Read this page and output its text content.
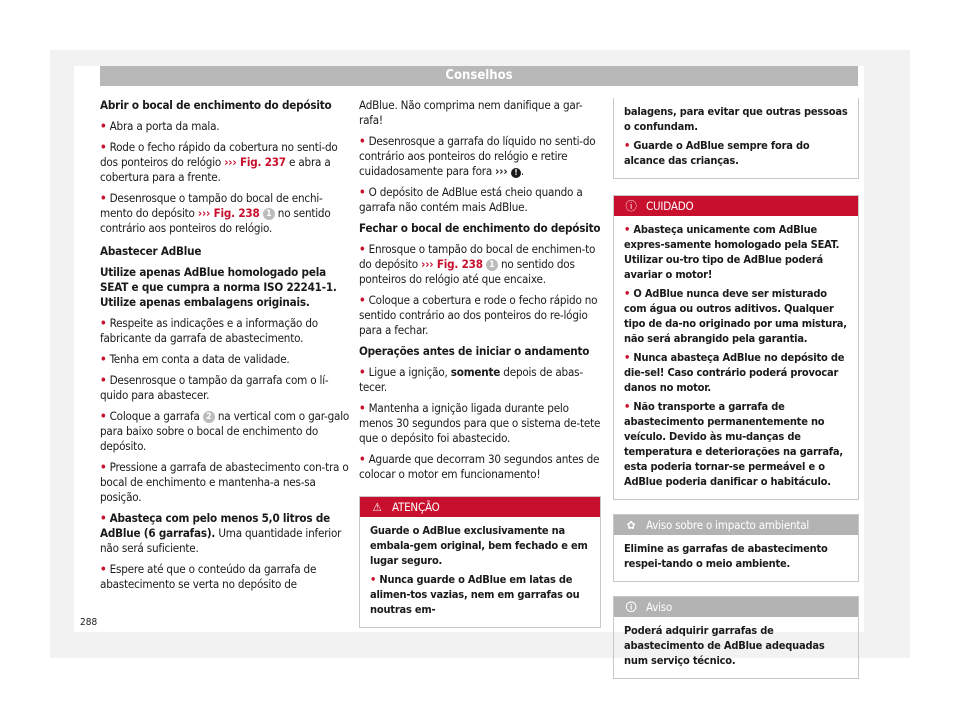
Conselhos

Abrir o bocal de enchimento do depósito

• Abra a porta da mala.

• Rode o fecho rápido da cobertura no senti-do dos ponteiros do relógio ››› Fig. 237 e abra a cobertura para a frente.

• Desenrosque o tampão do bocal de enchi-mento do depósito ››› Fig. 238 1 no sentido contrário aos ponteiros do relógio.

Abastecer AdBlue

Utilize apenas AdBlue homologado pela SEAT e que cumpra a norma ISO 22241-1. Utilize apenas embalagens originais.

• Respeite as indicações e a informação do fabricante da garrafa de abastecimento.

• Tenha em conta a data de validade.

• Desenrosque o tampão da garrafa com o lí-quido para abastecer.

• Coloque a garrafa 2 na vertical com o gar-galo para baixo sobre o bocal de enchimento do depósito.

• Pressione a garrafa de abastecimento con-tra o bocal de enchimento e mantenha-a nes-sa posição.

• Abasteça com pelo menos 5,0 litros de AdBlue (6 garrafas). Uma quantidade inferior não será suficiente.

• Espere até que o conteúdo da garrafa de abastecimento se verta no depósito de

AdBlue. Não comprima nem danifique a gar-rafa!

• Desenrosque a garrafa do líquido no senti-do contrário aos ponteiros do relógio e retire cuidadosamente para fora ››› ! .

• O depósito de AdBlue está cheio quando a garrafa não contém mais AdBlue.

Fechar o bocal de enchimento do depósito

• Enrosque o tampão do bocal de enchimen-to do depósito ››› Fig. 238 1 no sentido dos ponteiros do relógio até que encaixe.

• Coloque a cobertura e rode o fecho rápido no sentido contrário ao dos ponteiros do re-lógio para a fechar.

Operações antes de iniciar o andamento

• Ligue a ignição, somente depois de abas-tecer.

• Mantenha a ignição ligada durante pelo menos 30 segundos para que o sistema de-tete que o depósito foi abastecido.

• Aguarde que decorram 30 segundos antes de colocar o motor em funcionamento!

⚠ ATENÇÃO

Guarde o AdBlue exclusivamente na embala-gem original, bem fechado e em lugar seguro.

• Nunca guarde o AdBlue em latas de alimen-tos vazias, nem em garrafas ou noutras em-

balagens, para evitar que outras pessoas o confundam.

• Guarde o AdBlue sempre fora do alcance das crianças.

ⓘ CUIDADO

• Abasteça unicamente com AdBlue expres-samente homologado pela SEAT. Utilizar ou-tro tipo de AdBlue poderá avariar o motor!

• O AdBlue nunca deve ser misturado com água ou outros aditivos. Qualquer tipo de da-no originado por uma mistura, não será abrangido pela garantia.

• Nunca abasteça AdBlue no depósito de die-sel! Caso contrário poderá provocar danos no motor.

• Não transporte a garrafa de abastecimento permanentemente no veículo. Devido às mu-danças de temperatura e deteriorações na garrafa, esta poderia tornar-se permeável e o AdBlue poderia danificar o habitáculo.

✿ Aviso sobre o impacto ambiental

Elimine as garrafas de abastecimento respei-tando o meio ambiente.

🛈 Aviso

Poderá adquirir garrafas de abastecimento de AdBlue adequadas num serviço técnico.

288
